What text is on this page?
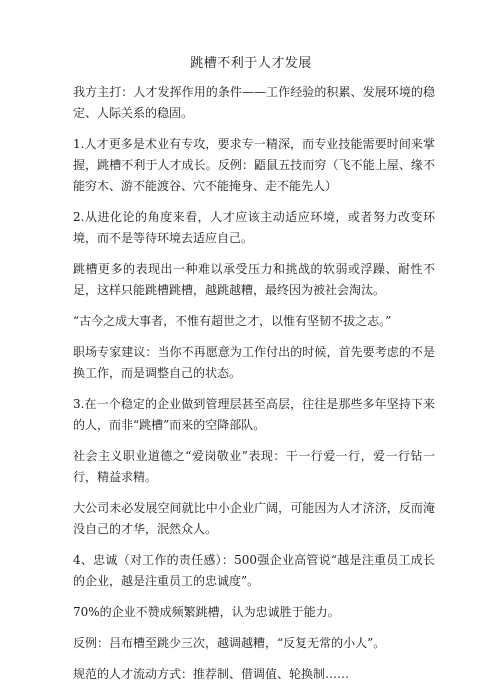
跳槽不利于人才发展

我方主打：人才发挥作用的条件——工作经验的积累、发展环境的稳定、人际关系的稳固。

1.人才更多是术业有专攻，要求专一精深，而专业技能需要时间来掌握，跳槽不利于人才成长。反例：鼯鼠五技而穷（飞不能上屋、缘不能穷木、游不能渡谷、穴不能掩身、走不能先人）

2.从进化论的角度来看，人才应该主动适应环境，或者努力改变环境，而不是等待环境去适应自己。

跳槽更多的表现出一种难以承受压力和挑战的软弱或浮躁、耐性不足，这样只能跳槽跳槽，越跳越糟，最终因为被社会淘汰。

“古今之成大事者，不惟有超世之才，以惟有坚韧不拔之志。”

职场专家建议：当你不再愿意为工作付出的时候，首先要考虑的不是换工作，而是调整自己的状态。

3.在一个稳定的企业做到管理层甚至高层，往往是那些多年坚持下来的人，而非“跳槽”而来的空降部队。

社会主义职业道德之“爱岗敬业”表现：干一行爱一行，爱一行钻一行，精益求精。

大公司未必发展空间就比中小企业广阔，可能因为人才济济，反而淹没自己的才华，泯然众人。

4、忠诚（对工作的责任感）：500强企业高管说“越是注重员工成长的企业，越是注重员工的忠诚度”。

70%的企业不赞成频繁跳槽，认为忠诚胜于能力。

反例：吕布槽至跳少三次，越调越糟，“反复无常的小人”。

规范的人才流动方式：推荐制、借调值、轮换制……
